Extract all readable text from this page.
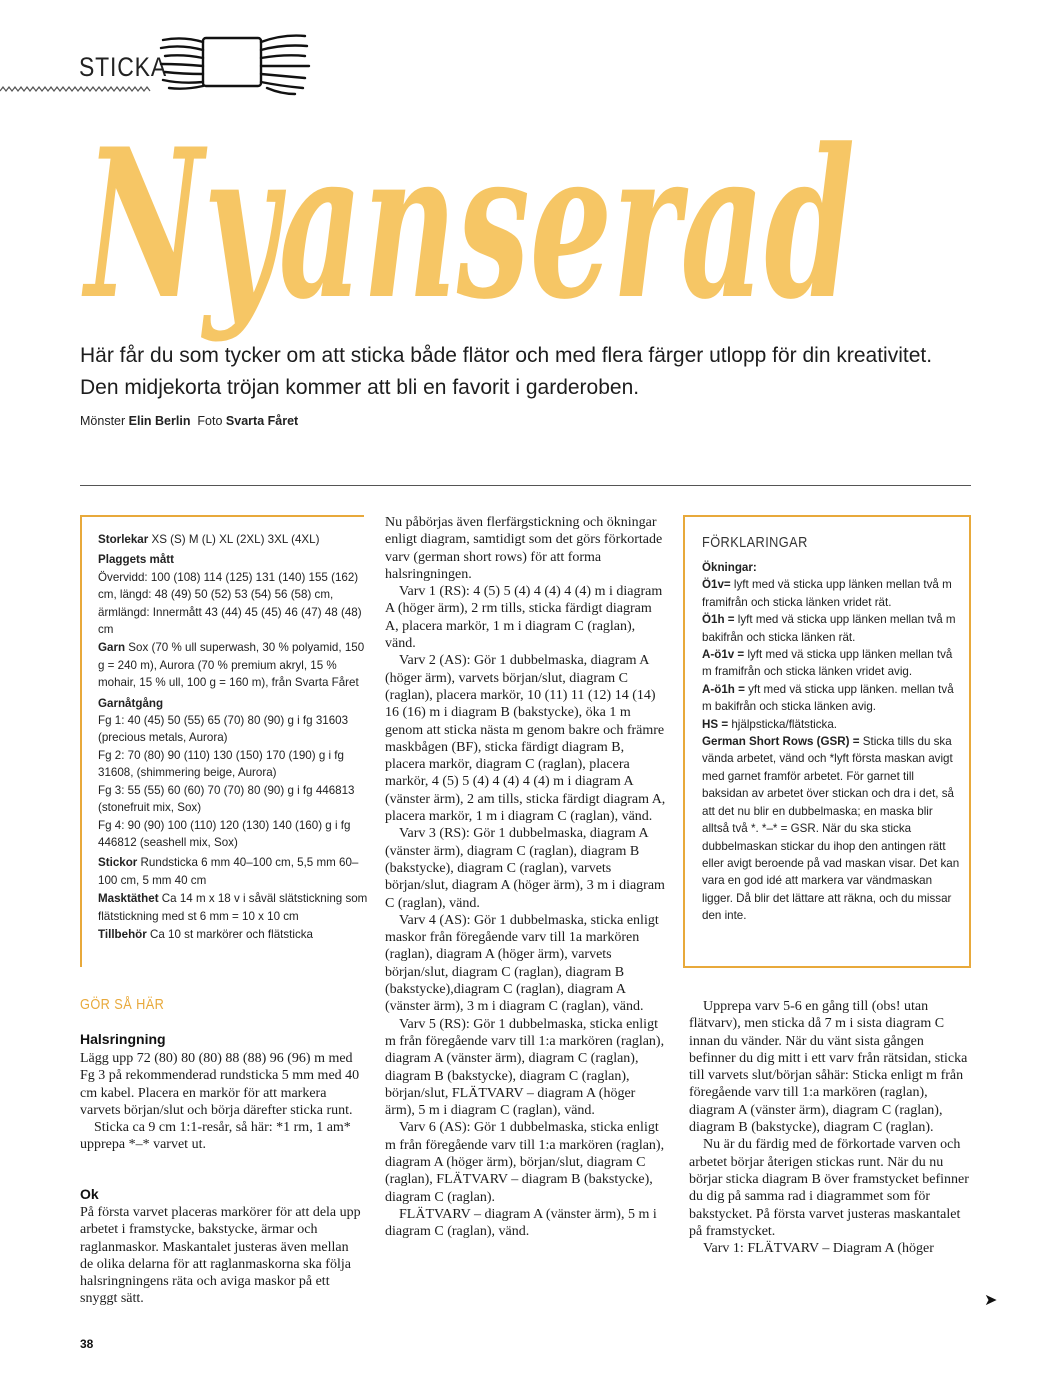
STICKA
Nyanserad
Här får du som tycker om att sticka både flätor och med flera färger utlopp för din kreativitet. Den midjekorta tröjan kommer att bli en favorit i garderoben.
Mönster Elin Berlin Foto Svarta Fåret
Storlekar XS (S) M (L) XL (2XL) 3XL (4XL)
Plaggets mått
Övervidd: 100 (108) 114 (125) 131 (140) 155 (162) cm, längd: 48 (49) 50 (52) 53 (54) 56 (58) cm, ärmlängd: Innermått 43 (44) 45 (45) 46 (47) 48 (48) cm
Garn Sox (70 % ull superwash, 30 % polyamid, 150 g = 240 m), Aurora (70 % premium akryl, 15 % mohair, 15 % ull, 100 g = 160 m), från Svarta Fåret
Garnåtgång
Fg 1: 40 (45) 50 (55) 65 (70) 80 (90) g i fg 31603 (precious metals, Aurora)
Fg 2: 70 (80) 90 (110) 130 (150) 170 (190) g i fg 31608, (shimmering beige, Aurora)
Fg 3: 55 (55) 60 (60) 70 (70) 80 (90) g i fg 446813 (stonefruit mix, Sox)
Fg 4: 90 (90) 100 (110) 120 (130) 140 (160) g i fg 446812 (seashell mix, Sox)
Stickor Rundsticka 6 mm 40–100 cm, 5,5 mm 60–100 cm, 5 mm 40 cm
Masktäthet Ca 14 m x 18 v i såväl slätstickning som flätstickning med st 6 mm = 10 x 10 cm
Tillbehör Ca 10 st markörer och flätsticka
GÖR SÅ HÄR
Halsringning

Lägg upp 72 (80) 80 (80) 88 (88) 96 (96) m med Fg 3 på rekommenderad rundsticka 5 mm med 40 cm kabel. Placera en markör för att markera varvets början/slut och börja därefter sticka runt.

Sticka ca 9 cm 1:1-resår, så här: *1 rm, 1 am* upprepa *–* varvet ut.

Ok

På första varvet placeras markörer för att dela upp arbetet i framstycke, bakstycke, ärmar och raglanmaskor. Maskantalet justeras även mellan de olika delarna för att raglanmaskorna ska följa halsringningens räta och aviga maskor på ett snyggt sätt.

Nu påbörjas även flerfärgstickning och ökningar enligt diagram, samtidigt som det görs förkortade varv (german short rows) för att forma halsringningen.

Varv 1 (RS): 4 (5) 5 (4) 4 (4) 4 (4) m i diagram A (höger ärm), 2 rm tills, sticka färdigt diagram A, placera markör, 1 m i diagram C (raglan), vänd.

Varv 2 (AS): Gör 1 dubbelmaska, diagram A (höger ärm), varvets början/slut, diagram C (raglan), placera markör, 10 (11) 11 (12) 14 (14) 16 (16) m i diagram B (bakstycke), öka 1 m genom att sticka nästa m genom bakre och främre maskbågen (BF), sticka färdigt diagram B, placera markör, diagram C (raglan), placera markör, 4 (5) 5 (4) 4 (4) 4 (4) m i diagram A (vänster ärm), 2 am tills, sticka färdigt diagram A, placera markör, 1 m i diagram C (raglan), vänd.

Varv 3 (RS): Gör 1 dubbelmaska, diagram A (vänster ärm), diagram C (raglan), diagram B (bakstycke), diagram C (raglan), varvets början/slut, diagram A (höger ärm), 3 m i diagram C (raglan), vänd.

Varv 4 (AS): Gör 1 dubbelmaska, sticka enligt maskor från föregående varv till 1a markören (raglan), diagram A (höger ärm), varvets början/slut, diagram C (raglan), diagram B (bakstycke),diagram C (raglan), diagram A (vänster ärm), 3 m i diagram C (raglan), vänd.

Varv 5 (RS): Gör 1 dubbelmaska, sticka enligt m från föregående varv till 1:a markören (raglan), diagram A (vänster ärm), diagram C (raglan), diagram B (bakstycke), diagram C (raglan), början/slut, FLÄTVARV – diagram A (höger ärm), 5 m i diagram C (raglan), vänd.

Varv 6 (AS): Gör 1 dubbelmaska, sticka enligt m från föregående varv till 1:a markören (raglan), diagram A (höger ärm), början/slut, diagram C (raglan), FLÄTVARV – diagram B (bakstycke), diagram C (raglan).

FLÄTVARV – diagram A (vänster ärm), 5 m i diagram C (raglan), vänd.

FÖRKLARINGAR
Ökningar:
Ö1v= lyft med vä sticka upp länken mellan två m framifrån och sticka länken vridet rät.
Ö1h = lyft med vä sticka upp länken mellan två m bakifrån och sticka länken rät.
A-ö1v = lyft med vä sticka upp länken mellan två m framifrån och sticka länken vridet avig.
A-ö1h = yft med vä sticka upp länken. mellan två m bakifrån och sticka länken avig.
HS = hjälpsticka/flätsticka.
German Short Rows (GSR) = Sticka tills du ska vända arbetet, vänd och *lyft första maskan avigt med garnet framför arbetet. För garnet till baksidan av arbetet över stickan och dra i det, så att det nu blir en dubbelmaska; en maska blir alltså två *. *–* = GSR. När du ska sticka dubbelmaskan stickar du ihop den antingen rätt eller avigt beroende på vad maskan visar. Det kan vara en god idé att markera var vändmaskan ligger. Då blir det lättare att räkna, och du missar den inte.

Upprepa varv 5-6 en gång till (obs! utan flätvarv), men sticka då 7 m i sista diagram C innan du vänder. När du vänt sista gången befinner du dig mitt i ett varv från rätsidan, sticka till varvets slut/början såhär: Sticka enligt m från föregående varv till 1:a markören (raglan), diagram A (vänster ärm), diagram C (raglan), diagram B (bakstycke), diagram C (raglan).

Nu är du färdig med de förkortade varven och arbetet börjar återigen stickas runt. När du nu börjar sticka diagram B över framstycket befinner du dig på samma rad i diagrammet som för bakstycket. På första varvet justeras maskantalet på framstycket.

Varv 1: FLÄTVARV – Diagram A (höger

➤
38
